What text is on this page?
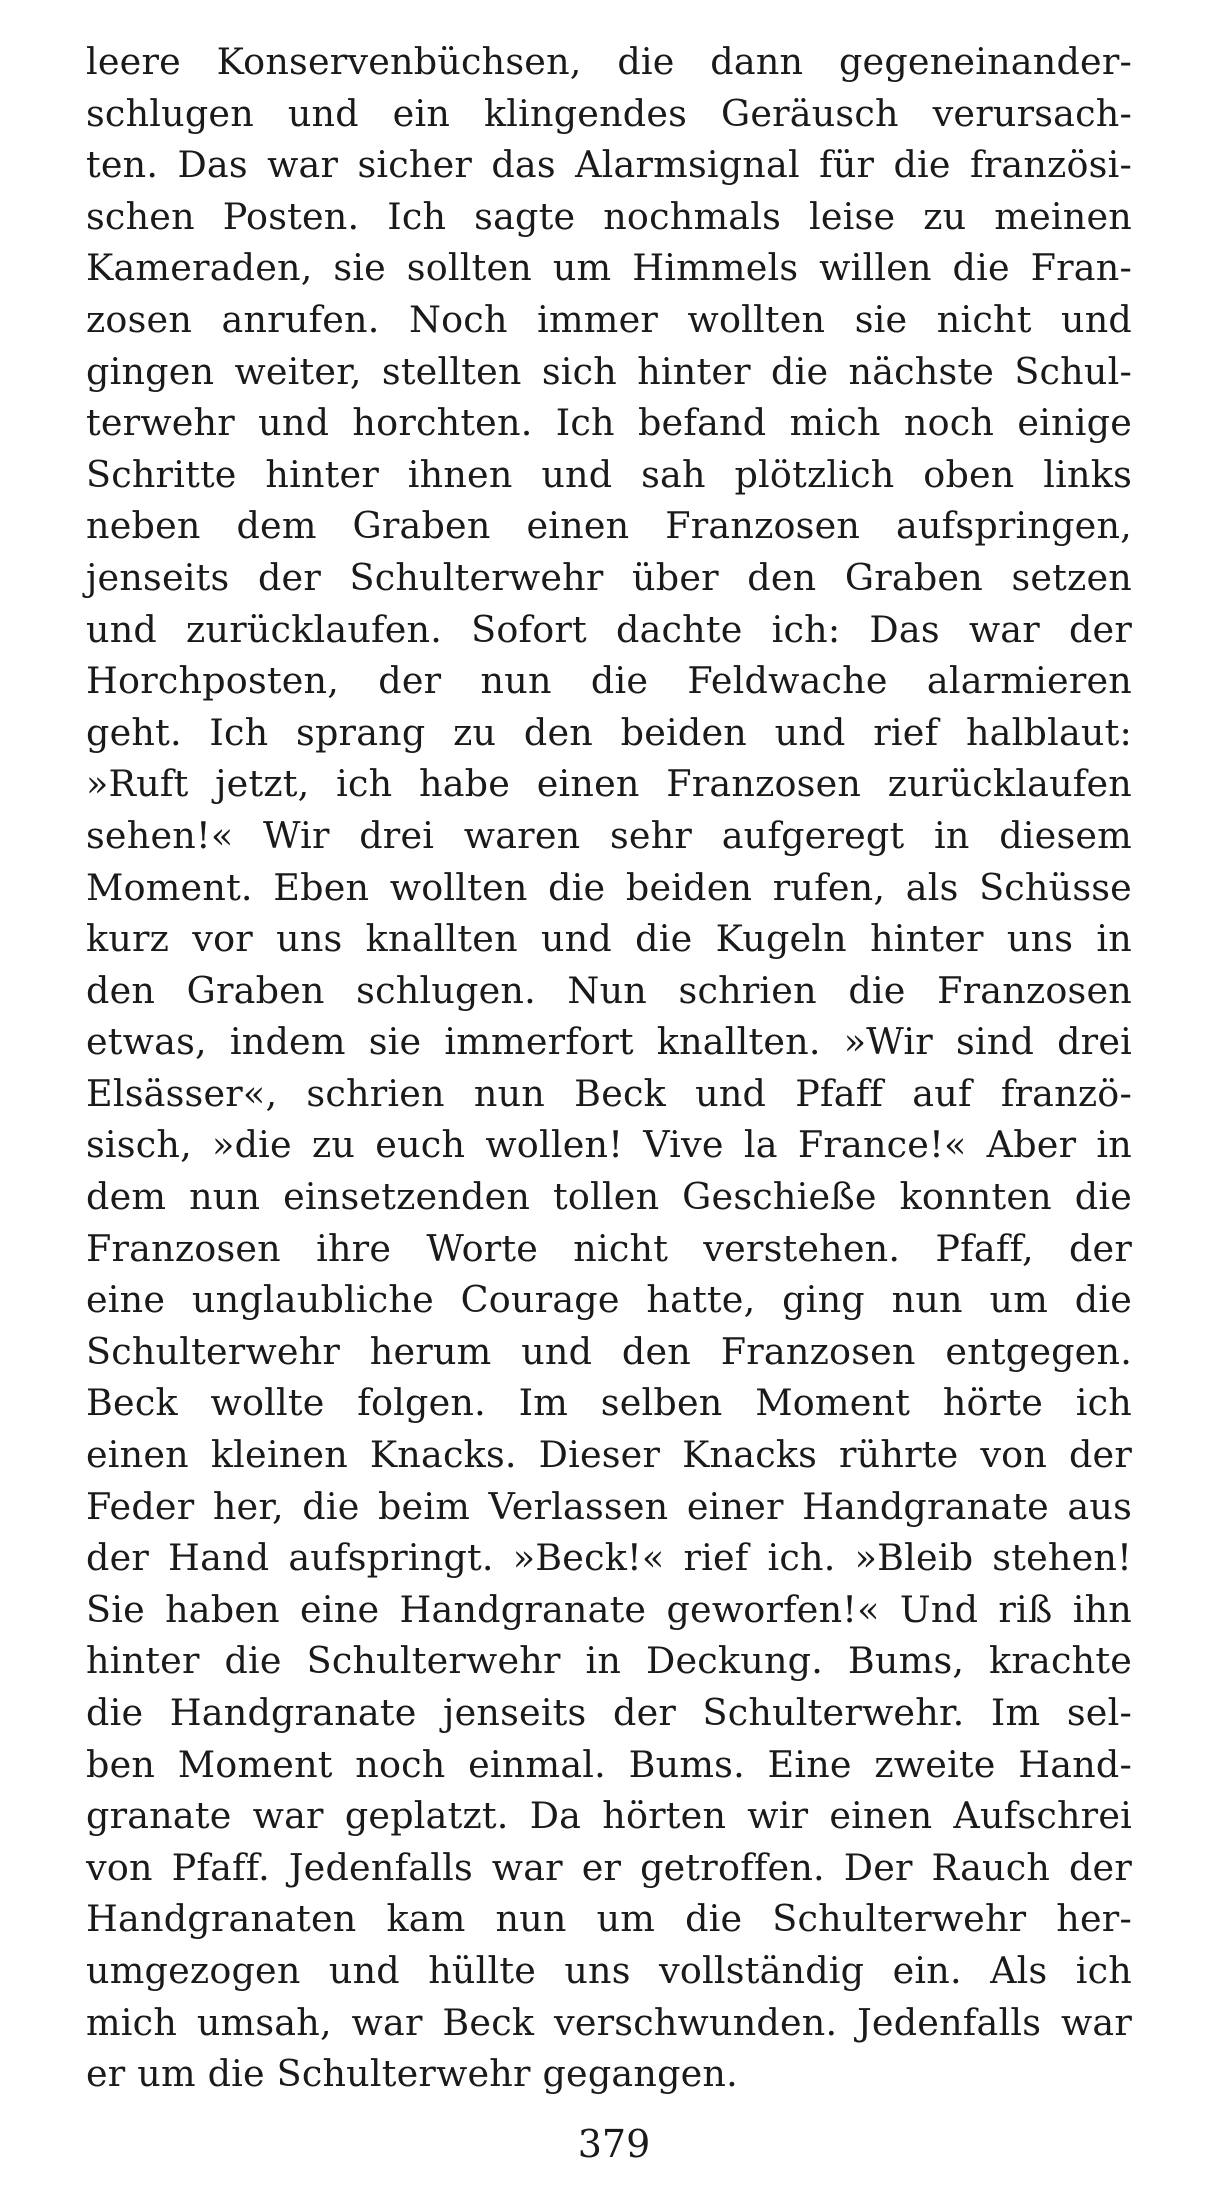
leere Konservenbüchsen, die dann gegeneinander-
schlugen und ein klingendes Geräusch verursach-
ten. Das war sicher das Alarmsignal für die französi-
schen Posten. Ich sagte nochmals leise zu meinen
Kameraden, sie sollten um Himmels willen die Fran-
zosen anrufen. Noch immer wollten sie nicht und
gingen weiter, stellten sich hinter die nächste Schul-
terwehr und horchten. Ich befand mich noch einige
Schritte hinter ihnen und sah plötzlich oben links
neben dem Graben einen Franzosen aufspringen,
jenseits der Schulterwehr über den Graben setzen
und zurücklaufen. Sofort dachte ich: Das war der
Horchposten, der nun die Feldwache alarmieren
geht. Ich sprang zu den beiden und rief halblaut:
»Ruft jetzt, ich habe einen Franzosen zurücklaufen
sehen!« Wir drei waren sehr aufgeregt in diesem
Moment. Eben wollten die beiden rufen, als Schüsse
kurz vor uns knallten und die Kugeln hinter uns in
den Graben schlugen. Nun schrien die Franzosen
etwas, indem sie immerfort knallten. »Wir sind drei
Elsässer«, schrien nun Beck und Pfaff auf franzö-
sisch, »die zu euch wollen! Vive la France!« Aber in
dem nun einsetzenden tollen Geschieße konnten die
Franzosen ihre Worte nicht verstehen. Pfaff, der
eine unglaubliche Courage hatte, ging nun um die
Schulterwehr herum und den Franzosen entgegen.
Beck wollte folgen. Im selben Moment hörte ich
einen kleinen Knacks. Dieser Knacks rührte von der
Feder her, die beim Verlassen einer Handgranate aus
der Hand aufspringt. »Beck!« rief ich. »Bleib stehen!
Sie haben eine Handgranate geworfen!« Und riß ihn
hinter die Schulterwehr in Deckung. Bums, krachte
die Handgranate jenseits der Schulterwehr. Im sel-
ben Moment noch einmal. Bums. Eine zweite Hand-
granate war geplatzt. Da hörten wir einen Aufschrei
von Pfaff. Jedenfalls war er getroffen. Der Rauch der
Handgranaten kam nun um die Schulterwehr her-
umgezogen und hüllte uns vollständig ein. Als ich
mich umsah, war Beck verschwunden. Jedenfalls war
er um die Schulterwehr gegangen.
379
